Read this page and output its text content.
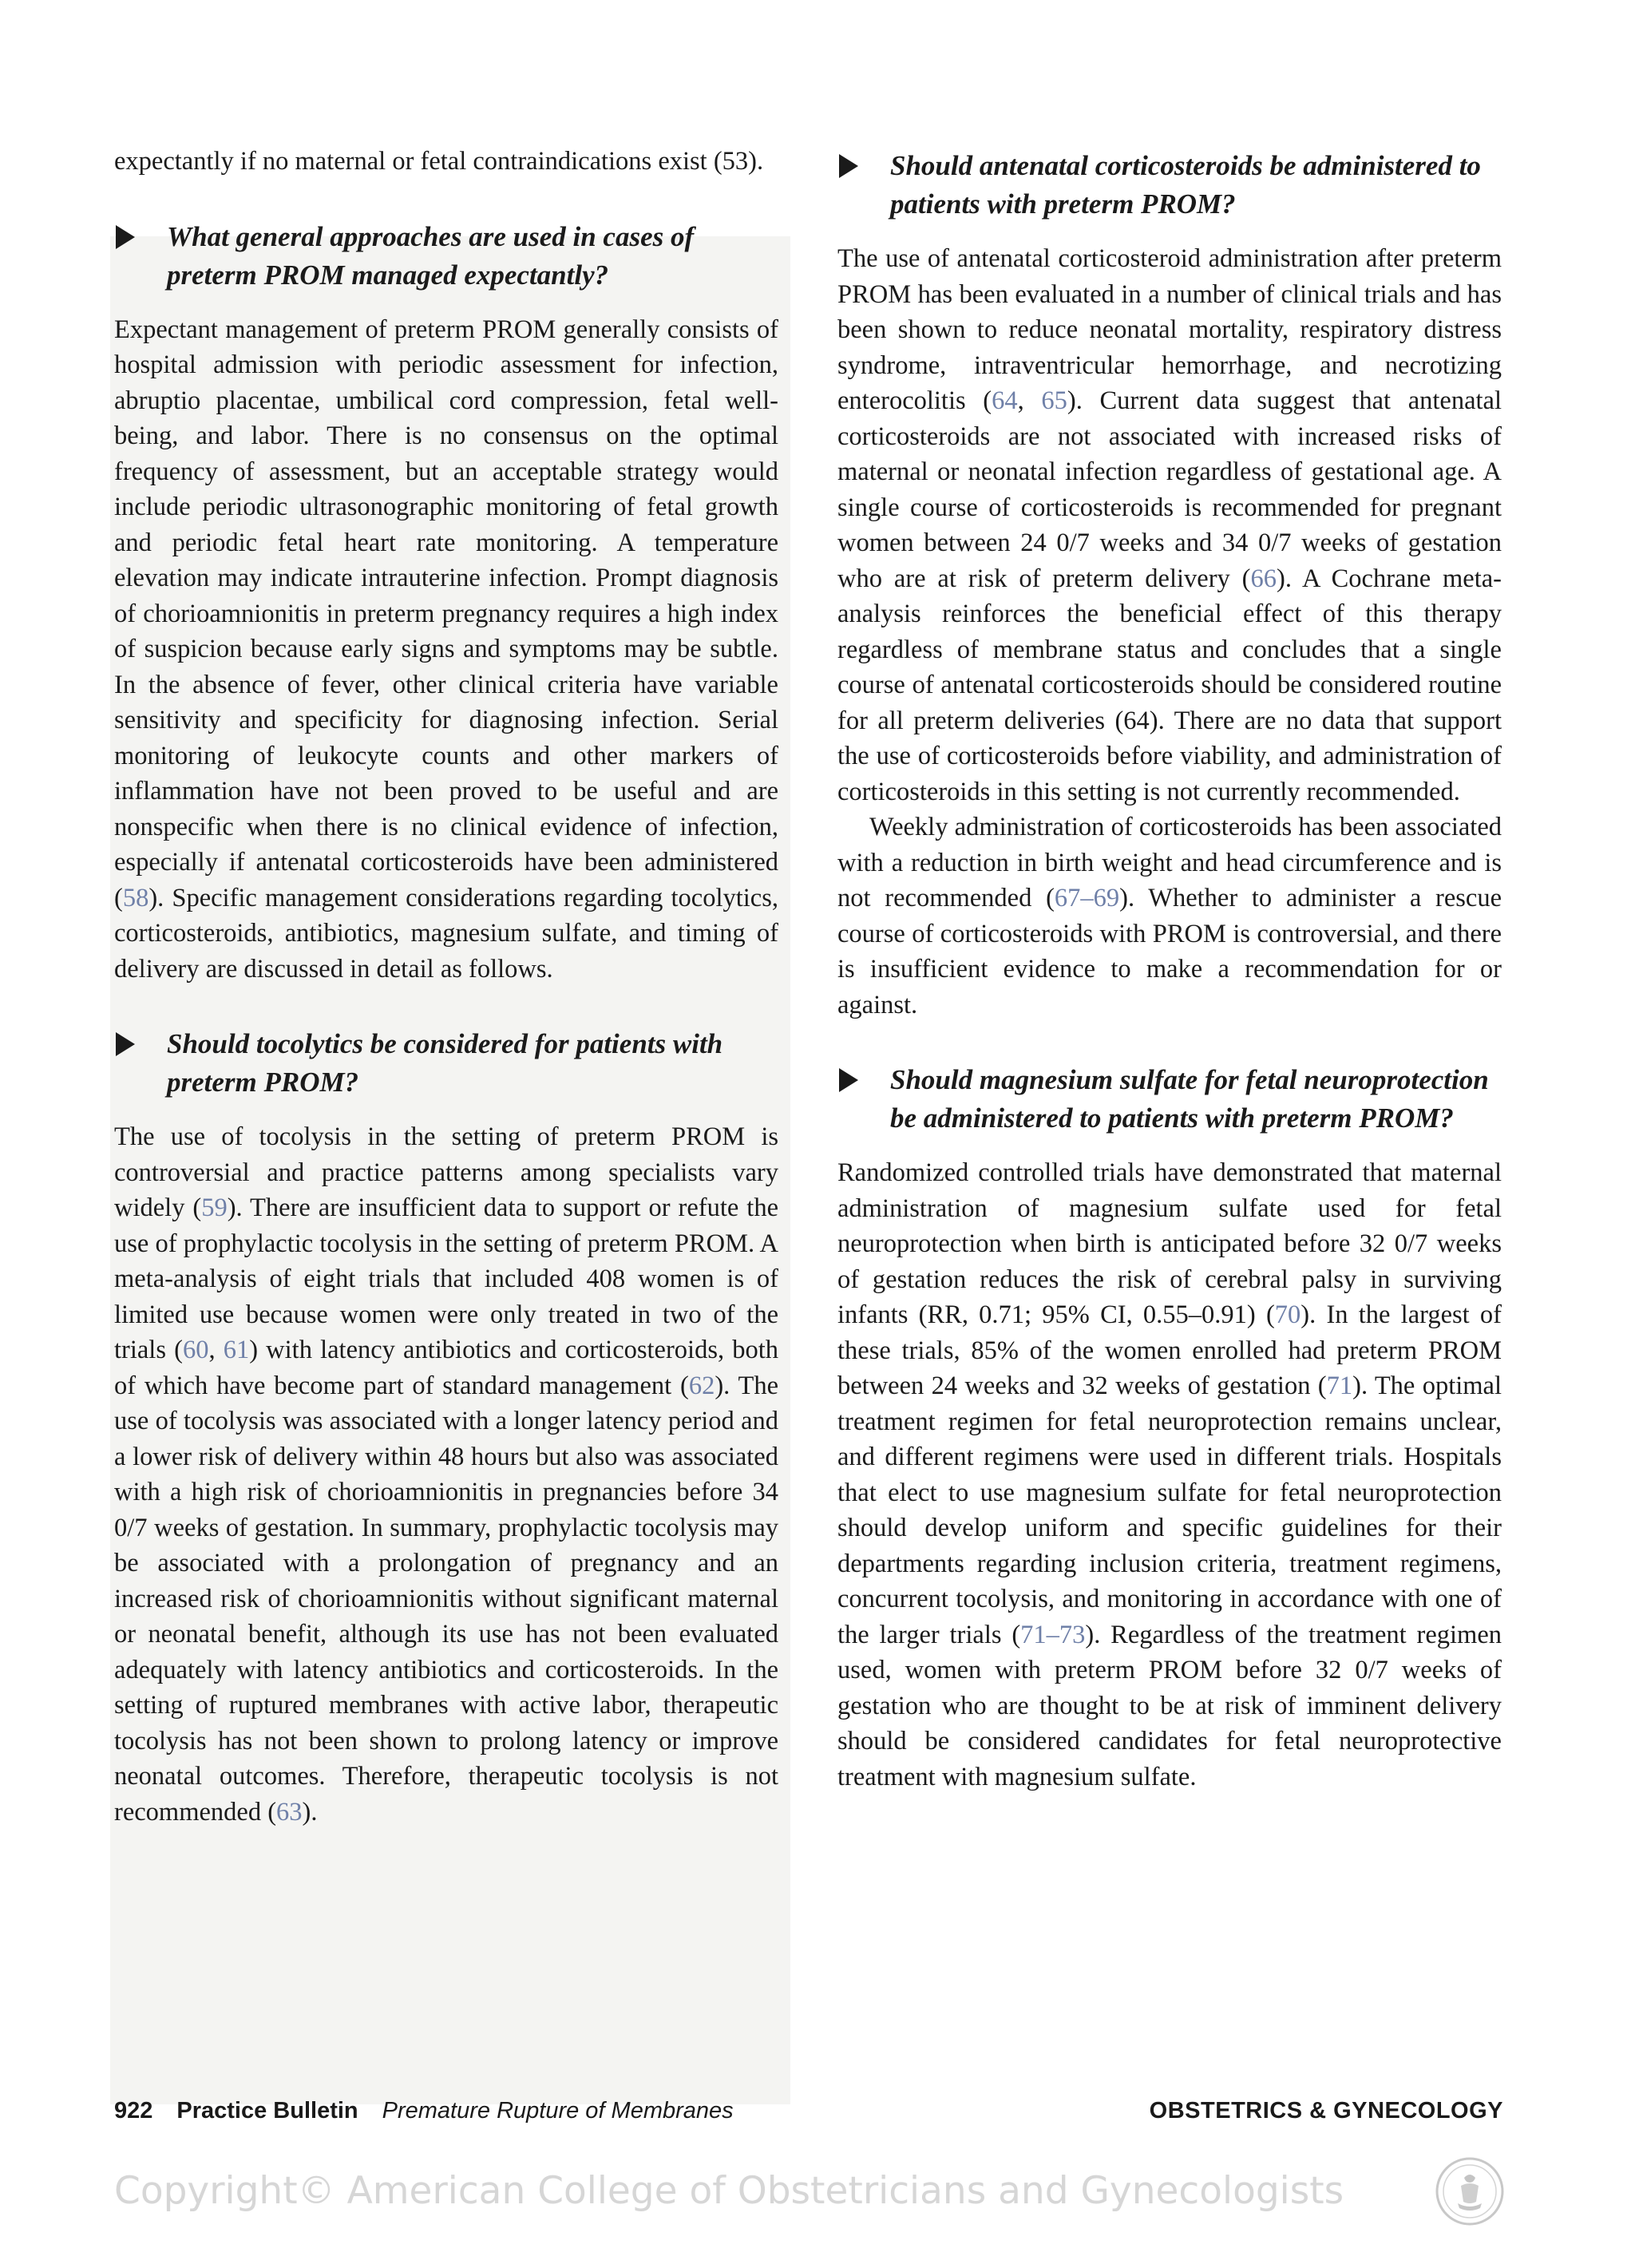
expectantly if no maternal or fetal contraindications exist (53).

What general approaches are used in cases of preterm PROM managed expectantly?

Expectant management of preterm PROM generally consists of hospital admission with periodic assessment for infection, abruptio placentae, umbilical cord compression, fetal well-being, and labor. There is no consensus on the optimal frequency of assessment, but an acceptable strategy would include periodic ultrasonographic monitoring of fetal growth and periodic fetal heart rate monitoring. A temperature elevation may indicate intrauterine infection. Prompt diagnosis of chorioamnionitis in preterm pregnancy requires a high index of suspicion because early signs and symptoms may be subtle. In the absence of fever, other clinical criteria have variable sensitivity and specificity for diagnosing infection. Serial monitoring of leukocyte counts and other markers of inflammation have not been proved to be useful and are nonspecific when there is no clinical evidence of infection, especially if antenatal corticosteroids have been administered (58). Specific management considerations regarding tocolytics, corticosteroids, antibiotics, magnesium sulfate, and timing of delivery are discussed in detail as follows.

Should tocolytics be considered for patients with preterm PROM?

The use of tocolysis in the setting of preterm PROM is controversial and practice patterns among specialists vary widely (59). There are insufficient data to support or refute the use of prophylactic tocolysis in the setting of preterm PROM. A meta-analysis of eight trials that included 408 women is of limited use because women were only treated in two of the trials (60, 61) with latency antibiotics and corticosteroids, both of which have become part of standard management (62). The use of tocolysis was associated with a longer latency period and a lower risk of delivery within 48 hours but also was associated with a high risk of chorioamnionitis in pregnancies before 34 0/7 weeks of gestation. In summary, prophylactic tocolysis may be associated with a prolongation of pregnancy and an increased risk of chorioamnionitis without significant maternal or neonatal benefit, although its use has not been evaluated adequately with latency antibiotics and corticosteroids. In the setting of ruptured membranes with active labor, therapeutic tocolysis has not been shown to prolong latency or improve neonatal outcomes. Therefore, therapeutic tocolysis is not recommended (63).

Should antenatal corticosteroids be administered to patients with preterm PROM?

The use of antenatal corticosteroid administration after preterm PROM has been evaluated in a number of clinical trials and has been shown to reduce neonatal mortality, respiratory distress syndrome, intraventricular hemorrhage, and necrotizing enterocolitis (64, 65). Current data suggest that antenatal corticosteroids are not associated with increased risks of maternal or neonatal infection regardless of gestational age. A single course of corticosteroids is recommended for pregnant women between 24 0/7 weeks and 34 0/7 weeks of gestation who are at risk of preterm delivery (66). A Cochrane meta-analysis reinforces the beneficial effect of this therapy regardless of membrane status and concludes that a single course of antenatal corticosteroids should be considered routine for all preterm deliveries (64). There are no data that support the use of corticosteroids before viability, and administration of corticosteroids in this setting is not currently recommended.

Weekly administration of corticosteroids has been associated with a reduction in birth weight and head circumference and is not recommended (67–69). Whether to administer a rescue course of corticosteroids with PROM is controversial, and there is insufficient evidence to make a recommendation for or against.

Should magnesium sulfate for fetal neuroprotection be administered to patients with preterm PROM?

Randomized controlled trials have demonstrated that maternal administration of magnesium sulfate used for fetal neuroprotection when birth is anticipated before 32 0/7 weeks of gestation reduces the risk of cerebral palsy in surviving infants (RR, 0.71; 95% CI, 0.55–0.91) (70). In the largest of these trials, 85% of the women enrolled had preterm PROM between 24 weeks and 32 weeks of gestation (71). The optimal treatment regimen for fetal neuroprotection remains unclear, and different regimens were used in different trials. Hospitals that elect to use magnesium sulfate for fetal neuroprotection should develop uniform and specific guidelines for their departments regarding inclusion criteria, treatment regimens, concurrent tocolysis, and monitoring in accordance with one of the larger trials (71–73). Regardless of the treatment regimen used, women with preterm PROM before 32 0/7 weeks of gestation who are thought to be at risk of imminent delivery should be considered candidates for fetal neuroprotective treatment with magnesium sulfate.

922 Practice Bulletin Premature Rupture of Membranes	OBSTETRICS & GYNECOLOGY
Copyright© American College of Obstetricians and Gynecologists
